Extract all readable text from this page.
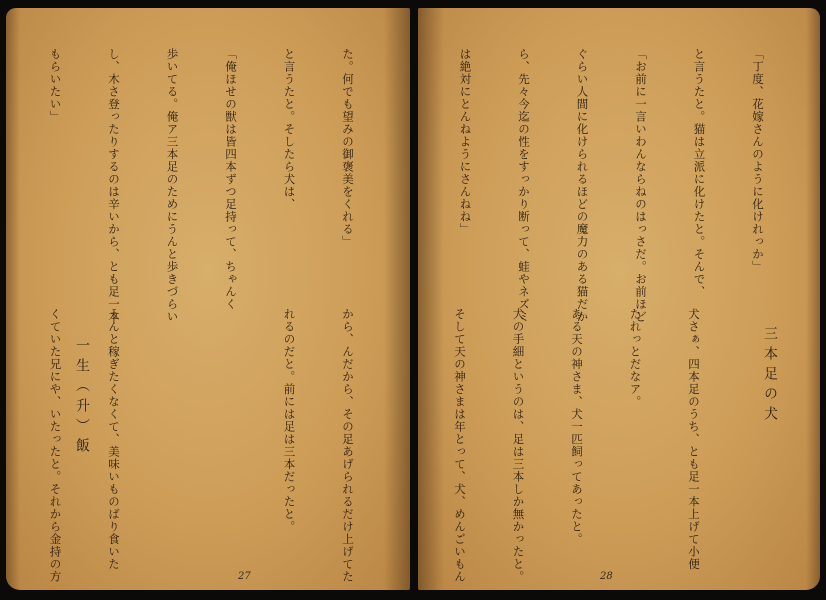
た。何でも望みの御褒美をくれる」

と言うたと。そしたら犬は、

「俺ほせの獣は皆四本ずつ足持って、ちゃんく

歩いてる。俺ア三本足のためにうんと歩きづらい

し、木さ登ったりするのは辛いから、とも足一本

もらいたい」

から、んだから、その足あげられるだけ上げてた

れるのだと。前には足は三本だったと。

うんと稼ぎたくなくて、美味いものばり食いた

くていた兄にや、いたったと。それから金持の方

一生（升）飯
27

「丁度、花嫁さんのように化けれっか」

と言うたと。猫は立派に化けたと。そんで、

「お前に一言いわんならねのはっさだ。お前ほど

ぐらい人間に化けられるほどの魔力のある猫だか

ら、先々今迄の性をすっかり断って、蛙やネズミ

は絶対にとんねようにさんねね」

三本足の犬

犬さぁ、四本足のうち、とも足一本上げて小便

たれっとだなア。

ある天の神さま、犬一匹飼ってあったと。

犬の手細というのは、足は三本しか無かったと。

そして天の神さまは年とって、犬、めんごいもん

	28
